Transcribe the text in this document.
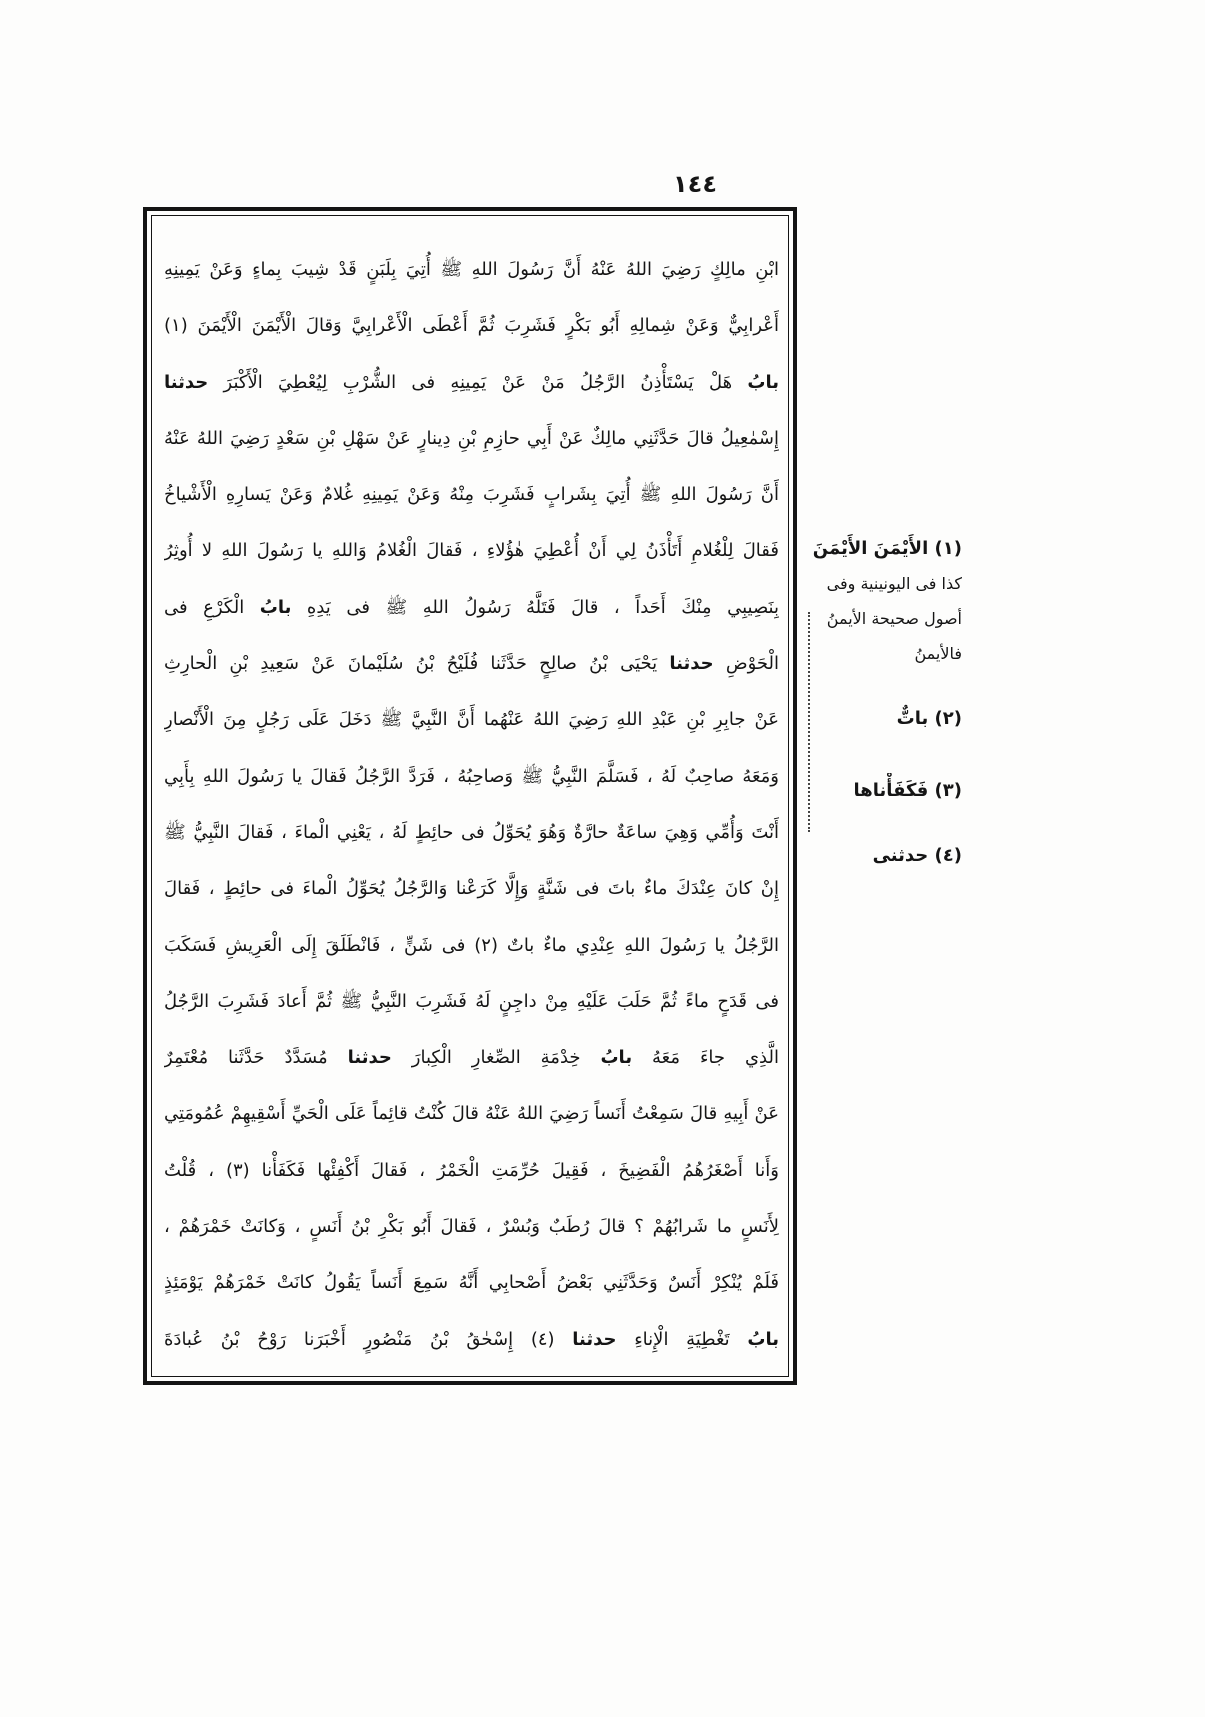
١٤٤
ابْنِ مالِكٍ رَضِيَ اللهُ عَنْهُ أَنَّ رَسُولَ اللهِ ﷺ أُتِيَ بِلَبَنٍ قَدْ شِيبَ بِماءٍ وَعَنْ يَمِينِهِ
أَعْرابِيٌّ وَعَنْ شِمالِهِ أَبُو بَكْرٍ فَشَرِبَ ثُمَّ أَعْطَى الْأَعْرابِيَّ وَقالَ الْأَيْمَنَ الْأَيْمَنَ (١)
بابُ هَلْ يَسْتَأْذِنُ الرَّجُلُ مَنْ عَنْ يَمِينِهِ فى الشُّرْبِ لِيُعْطِيَ الْأَكْبَرَ حدثنا
إِسْمٰعِيلُ قالَ حَدَّثَنِي مالِكٌ عَنْ أَبِي حازِمِ بْنِ دِينارٍ عَنْ سَهْلِ بْنِ سَعْدٍ رَضِيَ اللهُ عَنْهُ
أَنَّ رَسُولَ اللهِ ﷺ أُتِيَ بِشَرابٍ فَشَرِبَ مِنْهُ وَعَنْ يَمِينِهِ غُلامٌ وَعَنْ يَسارِهِ الْأَشْياخُ
فَقالَ لِلْغُلامِ أَتَأْذَنُ لِي أَنْ أُعْطِيَ هٰؤُلاءِ ، فَقالَ الْغُلامُ وَاللهِ يا رَسُولَ اللهِ لا أُوثِرُ
بِنَصِيبِي مِنْكَ أَحَداً ، قالَ فَتَلَّهُ رَسُولُ اللهِ ﷺ فى يَدِهِ بابُ الْكَرْعِ فى
الْحَوْضِ حدثنا يَحْيَى بْنُ صالِحٍ حَدَّثَنا فُلَيْحُ بْنُ سُلَيْمانَ عَنْ سَعِيدِ بْنِ الْحارِثِ
عَنْ جابِرِ بْنِ عَبْدِ اللهِ رَضِيَ اللهُ عَنْهُما أَنَّ النَّبِيَّ ﷺ دَخَلَ عَلَى رَجُلٍ مِنَ الْأَنْصارِ
وَمَعَهُ صاحِبٌ لَهُ ، فَسَلَّمَ النَّبِيُّ ﷺ وَصاحِبُهُ ، فَرَدَّ الرَّجُلُ فَقالَ يا رَسُولَ اللهِ بِأَبِي
أَنْتَ وَأُمِّي وَهِيَ ساعَةٌ حارَّةٌ وَهُوَ يُحَوِّلُ فى حائِطٍ لَهُ ، يَعْنِي الْماءَ ، فَقالَ النَّبِيُّ ﷺ
إِنْ كانَ عِنْدَكَ ماءٌ باتَ فى شَنَّةٍ وَإِلَّا كَرَعْنا وَالرَّجُلُ يُحَوِّلُ الْماءَ فى حائِطٍ ، فَقالَ
الرَّجُلُ يا رَسُولَ اللهِ عِنْدِي ماءٌ باتٌ (٢) فى شَنٍّ ، فَانْطَلَقَ إِلَى الْعَرِيشِ فَسَكَبَ
فى قَدَحٍ ماءً ثُمَّ حَلَبَ عَلَيْهِ مِنْ داجِنٍ لَهُ فَشَرِبَ النَّبِيُّ ﷺ ثُمَّ أَعادَ فَشَرِبَ الرَّجُلُ
الَّذِي جاءَ مَعَهُ بابُ خِدْمَةِ الصِّغارِ الْكِبارَ حدثنا مُسَدَّدٌ حَدَّثَنا مُعْتَمِرٌ
عَنْ أَبِيهِ قالَ سَمِعْتُ أَنَساً رَضِيَ اللهُ عَنْهُ قالَ كُنْتُ قائِماً عَلَى الْحَيِّ أَسْقِيهِمْ عُمُومَتِي
وَأَنا أَصْغَرُهُمُ الْفَضِيخَ ، فَقِيلَ حُرِّمَتِ الْخَمْرُ ، فَقالَ أَكْفِئْها فَكَفَأْنا (٣) ، قُلْتُ
لِأَنَسٍ ما شَرابُهُمْ ؟ قالَ رُطَبٌ وَبُسْرٌ ، فَقالَ أَبُو بَكْرِ بْنُ أَنَسٍ ، وَكانَتْ خَمْرَهُمْ ،
فَلَمْ يُنْكِرْ أَنَسٌ وَحَدَّثَنِي بَعْضُ أَصْحابِي أَنَّهُ سَمِعَ أَنَساً يَقُولُ كانَتْ خَمْرَهُمْ يَوْمَئِذٍ
بابُ تَغْطِيَةِ الْإِناءِ حدثنا (٤) إِسْحٰقُ بْنُ مَنْصُورٍ أَخْبَرَنا رَوْحُ بْنُ عُبادَةَ
(١) الأَيْمَنَ الأَيْمَنَ
كذا فى اليونينية وفى
أصول صحيحة الأيمنُ
فالأيمنُ
(٢) باتٌّ
(٣) فَكَفَأْناها
(٤) حدثنى
